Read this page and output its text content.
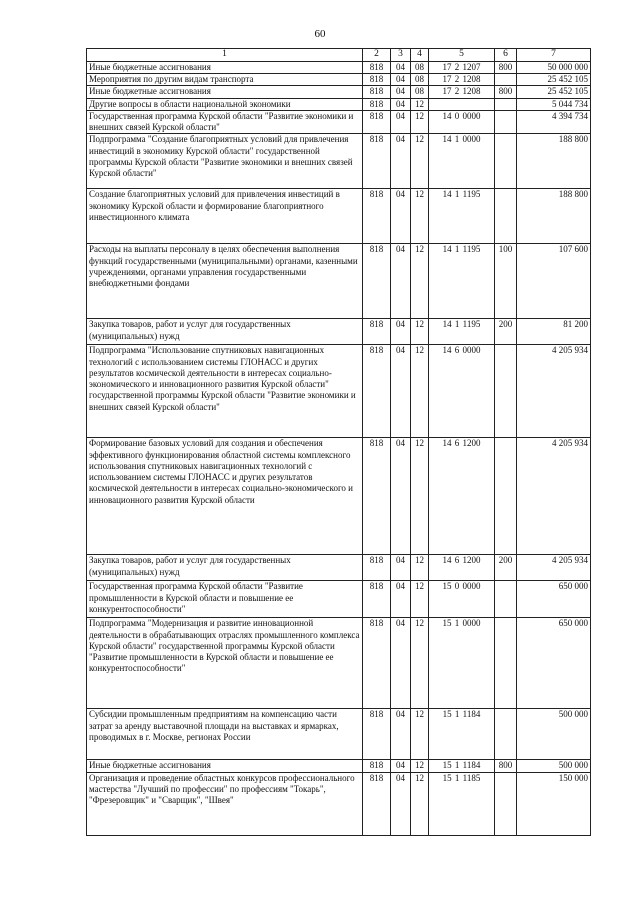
60
1	2	3	4	5	6	7
Иные бюджетные ассигнования	818	04	08	17 2 1207	800	50 000 000
Мероприятия по другим видам транспорта	818	04	08	17 2 1208		25 452 105
Иные бюджетные ассигнования	818	04	08	17 2 1208	800	25 452 105
Другие вопросы в области национальной экономики	818	04	12			5 044 734
Государственная программа Курской области "Развитие экономики и внешних связей Курской области"	818	04	12	14 0 0000		4 394 734
Подпрограмма "Создание благоприятных условий для привлечения инвестиций в экономику Курской области" государственной программы Курской области "Развитие экономики и внешних связей Курской области"	818	04	12	14 1 0000		188 800
Создание благоприятных условий для привлечения инвестиций в экономику Курской области и формирование благоприятного инвестиционного климата	818	04	12	14 1 1195		188 800
Расходы на выплаты персоналу в целях обеспечения выполнения функций государственными (муниципальными) органами, казенными учреждениями, органами управления государственными внебюджетными фондами	818	04	12	14 1 1195	100	107 600
Закупка товаров, работ и услуг для государственных (муниципальных) нужд	818	04	12	14 1 1195	200	81 200
Подпрограмма "Использование спутниковых навигационных технологий с использованием системы ГЛОНАСС и других результатов космической деятельности в интересах социально-экономического и инновационного развития Курской области" государственной программы Курской области "Развитие экономики и внешних связей Курской области"	818	04	12	14 6 0000		4 205 934
Формирование базовых условий для создания и обеспечения эффективного функционирования областной системы комплексного использования спутниковых навигационных технологий с использованием системы ГЛОНАСС и других результатов космической деятельности в интересах социально-экономического и инновационного развития Курской области	818	04	12	14 6 1200		4 205 934
Закупка товаров, работ и услуг для государственных (муниципальных) нужд	818	04	12	14 6 1200	200	4 205 934
Государственная программа Курской области "Развитие промышленности в Курской области и повышение ее конкурентоспособности"	818	04	12	15 0 0000		650 000
Подпрограмма "Модернизация и развитие инновационной деятельности в обрабатывающих отраслях промышленного комплекса Курской области" государственной программы Курской области "Развитие промышленности в Курской области и повышение ее конкурентоспособности"	818	04	12	15 1 0000		650 000
Субсидии промышленным предприятиям на компенсацию части затрат за аренду выставочной площади на выставках и ярмарках, проводимых в г. Москве, регионах России	818	04	12	15 1 1184		500 000
Иные бюджетные ассигнования	818	04	12	15 1 1184	800	500 000
Организация и проведение областных конкурсов профессионального мастерства "Лучший по профессии" по профессиям "Токарь", "Фрезеровщик" и "Сварщик", "Швея"	818	04	12	15 1 1185		150 000
